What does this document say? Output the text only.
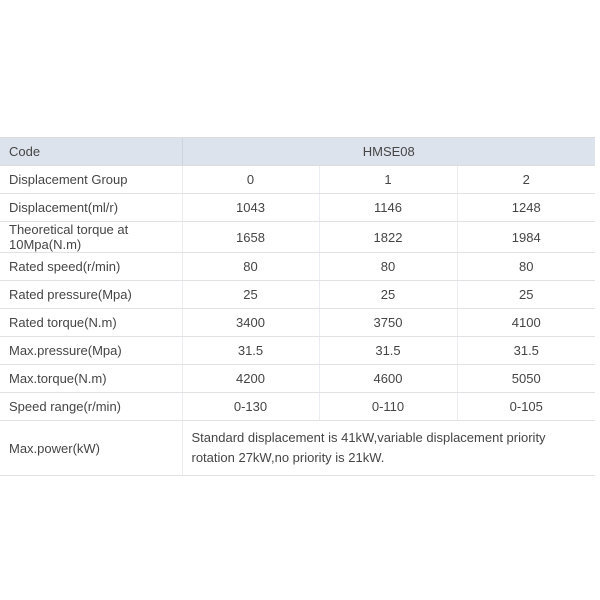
Code	HMSE08		
Displacement Group	0	1	2
Displacement(ml/r)	1043	1146	1248
Theoretical torque at 10Mpa(N.m)	1658	1822	1984
Rated speed(r/min)	80	80	80
Rated pressure(Mpa)	25	25	25
Rated torque(N.m)	3400	3750	4100
Max.pressure(Mpa)	31.5	31.5	31.5
Max.torque(N.m)	4200	4600	5050
Speed range(r/min)	0-130	0-110	0-105
Max.power(kW)	Standard displacement is 41kW,variable displacement priority rotation 27kW,no priority is 21kW.		
